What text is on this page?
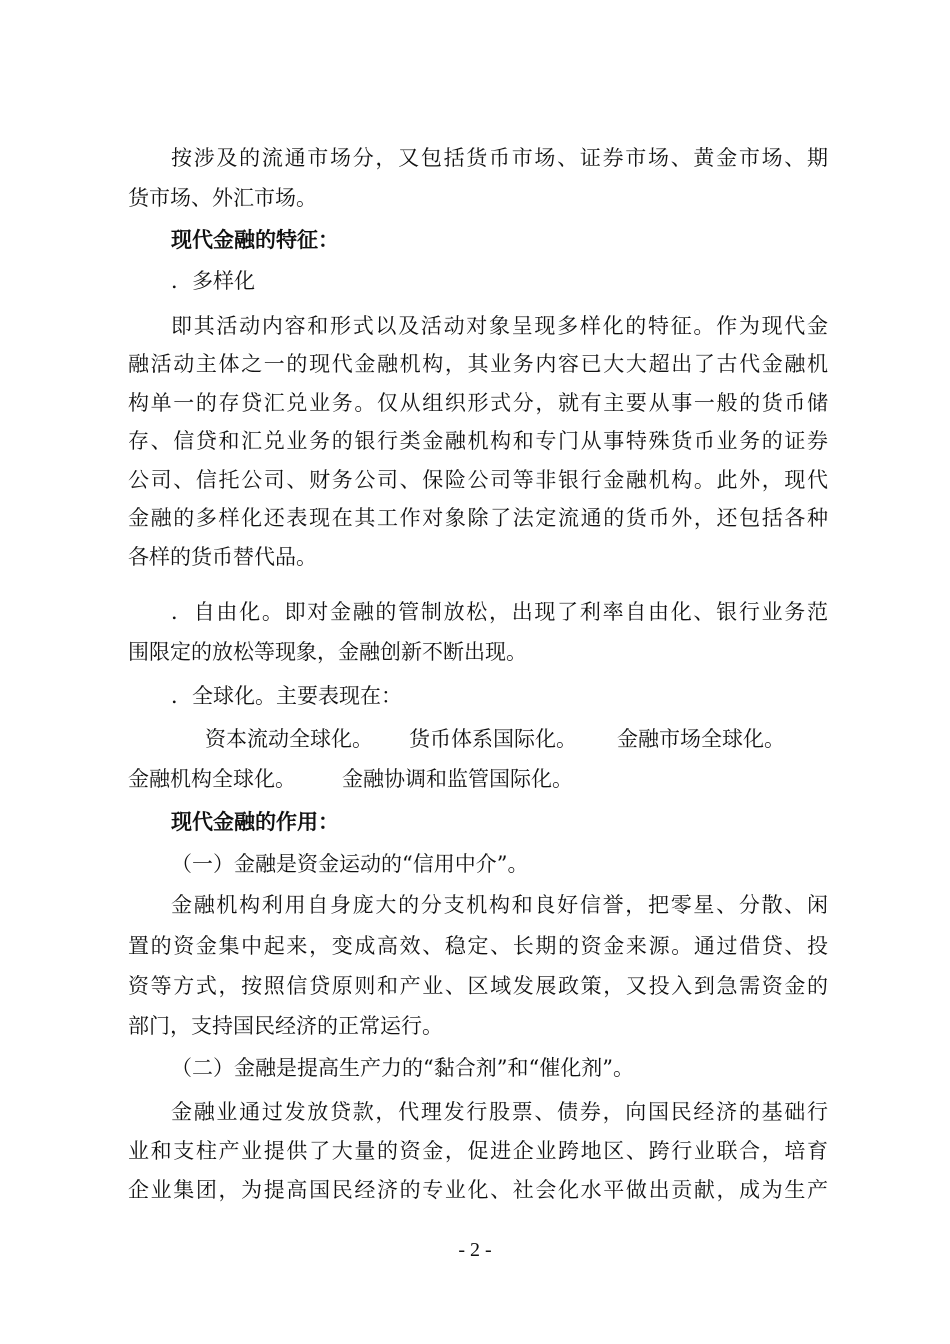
按涉及的流通市场分，又包括货币市场、证券市场、黄金市场、期
货市场、外汇市场。
现代金融的特征：
．多样化
即其活动内容和形式以及活动对象呈现多样化的特征。作为现代金
融活动主体之一的现代金融机构，其业务内容已大大超出了古代金融机
构单一的存贷汇兑业务。仅从组织形式分，就有主要从事一般的货币储
存、信贷和汇兑业务的银行类金融机构和专门从事特殊货币业务的证券
公司、信托公司、财务公司、保险公司等非银行金融机构。此外，现代
金融的多样化还表现在其工作对象除了法定流通的货币外，还包括各种
各样的货币替代品。
．自由化。即对金融的管制放松，出现了利率自由化、银行业务范
围限定的放松等现象，金融创新不断出现。
．全球化。主要表现在：
资本流动全球化。 货币体系国际化。 金融市场全球化。
金融机构全球化。 金融协调和监管国际化。
现代金融的作用：
（一）金融是资金运动的“信用中介”。
金融机构利用自身庞大的分支机构和良好信誉，把零星、分散、闲
置的资金集中起来，变成高效、稳定、长期的资金来源。通过借贷、投
资等方式，按照信贷原则和产业、区域发展政策，又投入到急需资金的
部门，支持国民经济的正常运行。
（二）金融是提高生产力的“黏合剂”和“催化剂”。
金融业通过发放贷款，代理发行股票、债券，向国民经济的基础行
业和支柱产业提供了大量的资金，促进企业跨地区、跨行业联合，培育
企业集团，为提高国民经济的专业化、社会化水平做出贡献，成为生产
- 2 -
